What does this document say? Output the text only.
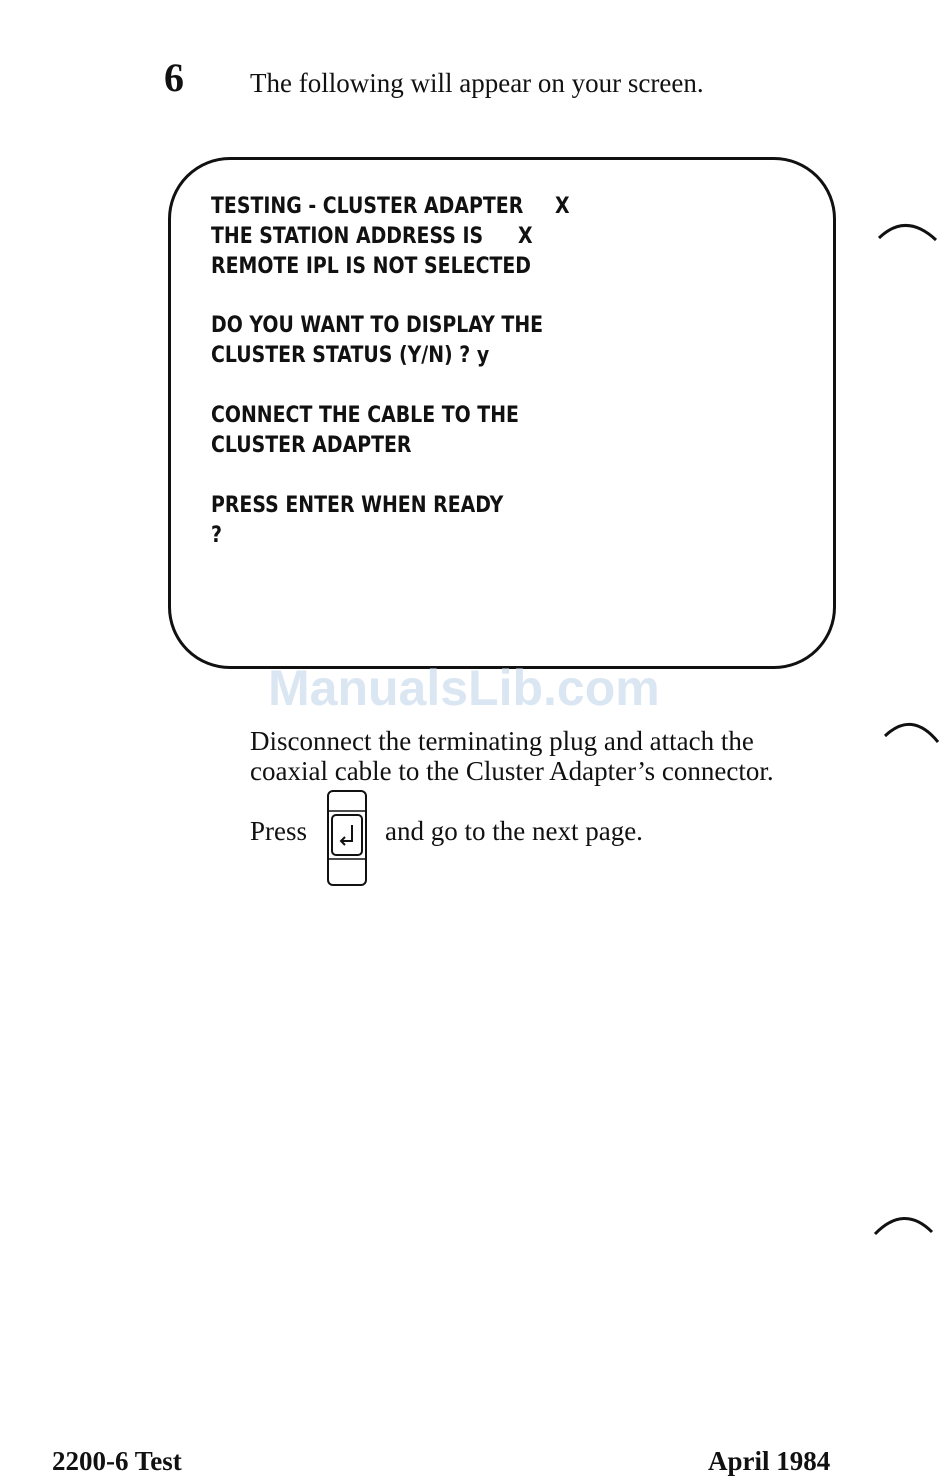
6 The following will appear on your screen.
TESTING - CLUSTER ADAPTER X
THE STATION ADDRESS IS X
REMOTE IPL IS NOT SELECTED
DO YOU WANT TO DISPLAY THE
CLUSTER STATUS (Y/N) ? y
CONNECT THE CABLE TO THE
CLUSTER ADAPTER
PRESS ENTER WHEN READY
?
ManualsLib.com
Disconnect the terminating plug and attach the
coaxial cable to the Cluster Adapter’s connector.
Press	and go to the next page.
2200-6 Test	April 1984
